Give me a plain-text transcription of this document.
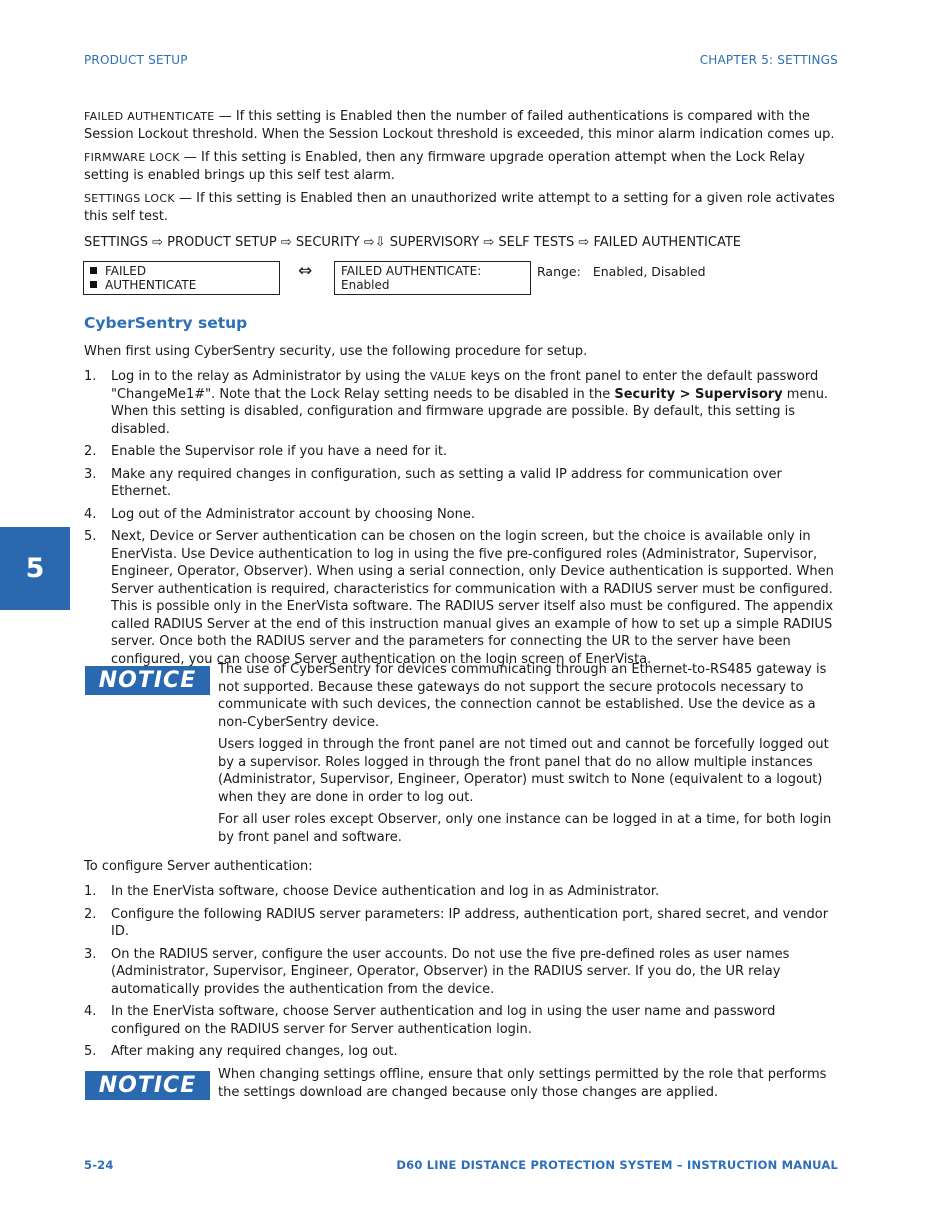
PRODUCT SETUP	CHAPTER 5: SETTINGS
5

FAILED AUTHENTICATE — If this setting is Enabled then the number of failed authentications is compared with the Session Lockout threshold. When the Session Lockout threshold is exceeded, this minor alarm indication comes up.

FIRMWARE LOCK — If this setting is Enabled, then any firmware upgrade operation attempt when the Lock Relay setting is enabled brings up this self test alarm.

SETTINGS LOCK — If this setting is Enabled then an unauthorized write attempt to a setting for a given role activates this self test.

SETTINGS ⇨ PRODUCT SETUP ⇨ SECURITY ⇨⇩ SUPERVISORY ⇨ SELF TESTS ⇨ FAILED AUTHENTICATE
FAILED
AUTHENTICATE
⇔ FAILED AUTHENTICATE:
Enabled
Range: Enabled, Disabled
CyberSentry setup
When first using CyberSentry security, use the following procedure for setup.
1. Log in to the relay as Administrator by using the VALUE keys on the front panel to enter the default password "ChangeMe1#". Note that the Lock Relay setting needs to be disabled in the Security > Supervisory menu. When this setting is disabled, configuration and firmware upgrade are possible. By default, this setting is disabled.
2. Enable the Supervisor role if you have a need for it.
3. Make any required changes in configuration, such as setting a valid IP address for communication over Ethernet.
4. Log out of the Administrator account by choosing None.
5. Next, Device or Server authentication can be chosen on the login screen, but the choice is available only in EnerVista. Use Device authentication to log in using the five pre-configured roles (Administrator, Supervisor, Engineer, Operator, Observer). When using a serial connection, only Device authentication is supported. When Server authentication is required, characteristics for communication with a RADIUS server must be configured. This is possible only in the EnerVista software. The RADIUS server itself also must be configured. The appendix called RADIUS Server at the end of this instruction manual gives an example of how to set up a simple RADIUS server. Once both the RADIUS server and the parameters for connecting the UR to the server have been configured, you can choose Server authentication on the login screen of EnerVista.
NOTICE	The use of CyberSentry for devices communicating through an Ethernet-to-RS485 gateway is not supported. Because these gateways do not support the secure protocols necessary to communicate with such devices, the connection cannot be established. Use the device as a non-CyberSentry device.

Users logged in through the front panel are not timed out and cannot be forcefully logged out by a supervisor. Roles logged in through the front panel that do no allow multiple instances (Administrator, Supervisor, Engineer, Operator) must switch to None (equivalent to a logout) when they are done in order to log out.

For all user roles except Observer, only one instance can be logged in at a time, for both login by front panel and software.

To configure Server authentication:
1. In the EnerVista software, choose Device authentication and log in as Administrator.
2. Configure the following RADIUS server parameters: IP address, authentication port, shared secret, and vendor ID.
3. On the RADIUS server, configure the user accounts. Do not use the five pre-defined roles as user names (Administrator, Supervisor, Engineer, Operator, Observer) in the RADIUS server. If you do, the UR relay automatically provides the authentication from the device.
4. In the EnerVista software, choose Server authentication and log in using the user name and password configured on the RADIUS server for Server authentication login.
5. After making any required changes, log out.
NOTICE	When changing settings offline, ensure that only settings permitted by the role that performs the settings download are changed because only those changes are applied.
5-24	D60 LINE DISTANCE PROTECTION SYSTEM – INSTRUCTION MANUAL
